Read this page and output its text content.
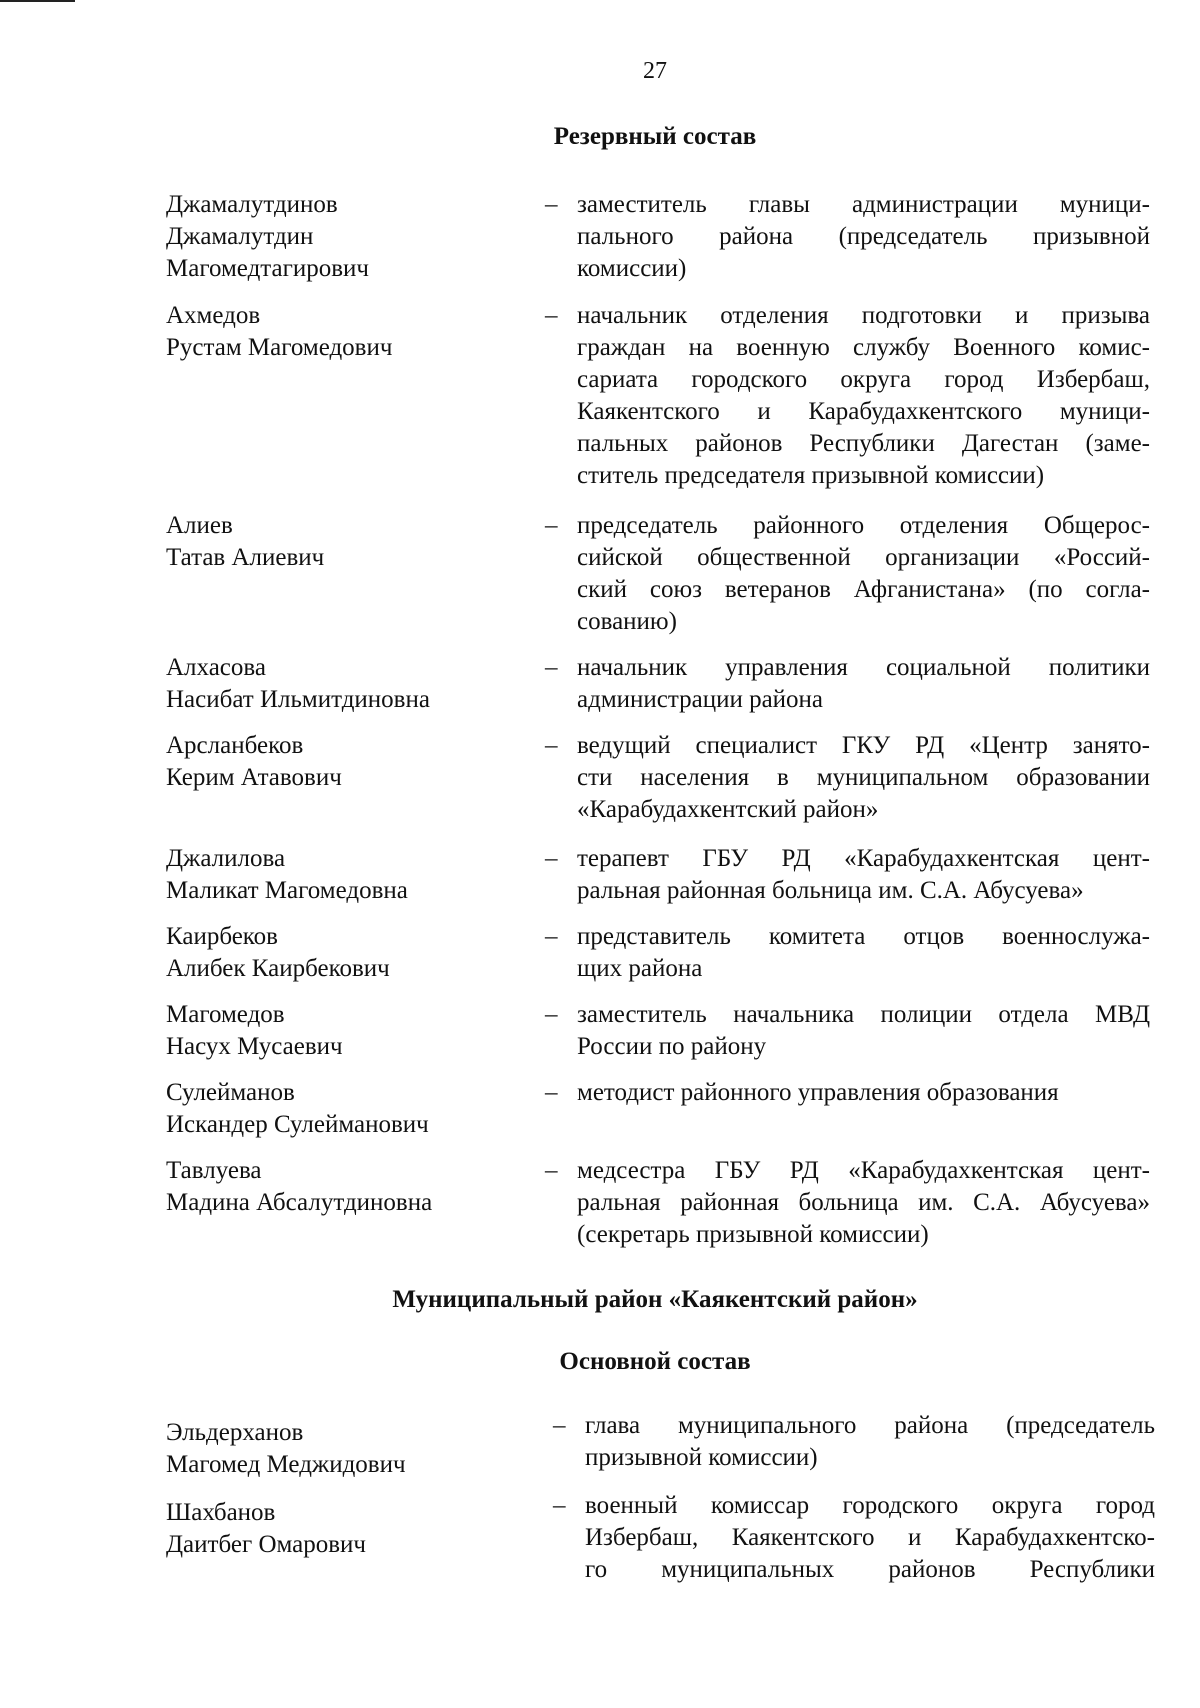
27
Резервный состав
Джамалутдинов
Джамалутдин
Магомедтагирович
– заместитель главы администрации муници-
пального района (председатель призывной
комиссии)
Ахмедов
Рустам Магомедович
– начальник отделения подготовки и призыва
граждан на военную службу Военного комис-
сариата городского округа город Избербаш,
Каякентского и Карабудахкентского муници-
пальных районов Республики Дагестан (заме-
ститель председателя призывной комиссии)
Алиев
Татав Алиевич
– председатель районного отделения Общерос-
сийской общественной организации «Россий-
ский союз ветеранов Афганистана» (по согла-
сованию)
Алхасова
Насибат Ильмитдиновна
– начальник управления социальной политики
администрации района
Арсланбеков
Керим Атавович
– ведущий специалист ГКУ РД «Центр занято-
сти населения в муниципальном образовании
«Карабудахкентский район»
Джалилова
Маликат Магомедовна
– терапевт ГБУ РД «Карабудахкентская цент-
ральная районная больница им. С.А. Абусуева»
Каирбеков
Алибек Каирбекович
– представитель комитета отцов военнослужа-
щих района
Магомедов
Насух Мусаевич
– заместитель начальника полиции отдела МВД
России по району
Сулейманов
Искандер Сулейманович
– методист районного управления образования
Тавлуева
Мадина Абсалутдиновна
– медсестра ГБУ РД «Карабудахкентская цент-
ральная районная больница им. С.А. Абусуева»
(секретарь призывной комиссии)
Муниципальный район «Каякентский район»
Основной состав
Эльдерханов
Магомед Меджидович
– глава муниципального района (председатель
призывной комиссии)
Шахбанов
Даитбег Омарович
– военный комиссар городского округа город
Избербаш, Каякентского и Карабудахкентско-
го муниципальных районов Республики
